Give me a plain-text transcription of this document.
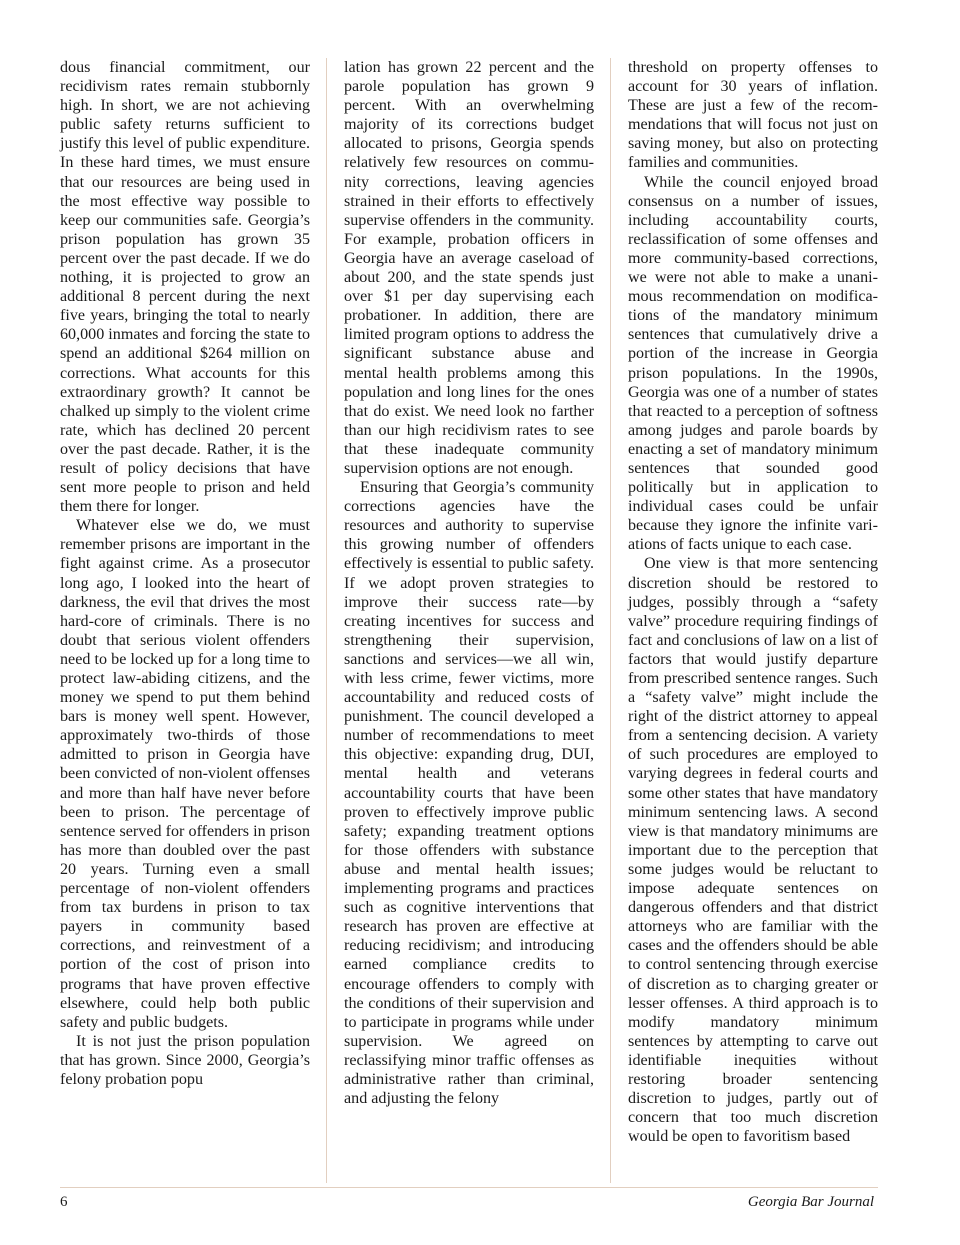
dous financial commitment, our recidivism rates remain stubbornly high. In short, we are not achieving public safety returns sufficient to justify this level of public expenditure. In these hard times, we must ensure that our resources are being used in the most effective way possible to keep our communities safe. Georgia’s prison population has grown 35 percent over the past decade. If we do nothing, it is projected to grow an additional 8 percent during the next five years, bringing the total to nearly 60,000 inmates and forcing the state to spend an additional $264 million on corrections. What accounts for this extraordinary growth? It cannot be chalked up simply to the violent crime rate, which has declined 20 percent over the past decade. Rather, it is the result of policy decisions that have sent more people to prison and held them there for longer.

Whatever else we do, we must remember prisons are important in the fight against crime. As a prosecutor long ago, I looked into the heart of darkness, the evil that drives the most hard-core of criminals. There is no doubt that serious violent offenders need to be locked up for a long time to protect law-abiding citizens, and the money we spend to put them behind bars is money well spent. However, approximately two-thirds of those admitted to prison in Georgia have been convicted of non-violent offenses and more than half have never before been to prison. The percentage of sentence served for offenders in prison has more than doubled over the past 20 years. Turning even a small percentage of non-violent offenders from tax burdens in prison to tax payers in community based corrections, and reinvestment of a portion of the cost of prison into programs that have proven effective elsewhere, could help both public safety and public budgets.

It is not just the prison population that has grown. Since 2000, Georgia’s felony probation popu

lation has grown 22 percent and the parole population has grown 9 percent. With an overwhelming majority of its corrections budget allocated to prisons, Georgia spends relatively few resources on community corrections, leaving agencies strained in their efforts to effectively supervise offenders in the community. For example, probation officers in Georgia have an average caseload of about 200, and the state spends just over $1 per day supervising each probationer. In addition, there are limited program options to address the significant substance abuse and mental health problems among this population and long lines for the ones that do exist. We need look no farther than our high recidivism rates to see that these inadequate community supervision options are not enough.

Ensuring that Georgia’s community corrections agencies have the resources and authority to supervise this growing number of offenders effectively is essential to public safety. If we adopt proven strategies to improve their success rate—by creating incentives for success and strengthening their supervision, sanctions and services—we all win, with less crime, fewer victims, more accountability and reduced costs of punishment. The council developed a number of recommendations to meet this objective: expanding drug, DUI, mental health and veterans accountability courts that have been proven to effectively improve public safety; expanding treatment options for those offenders with substance abuse and mental health issues; implementing programs and practices such as cognitive interventions that research has proven are effective at reducing recidivism; and introducing earned compliance credits to encourage offenders to comply with the conditions of their supervision and to participate in programs while under supervision. We agreed on reclassifying minor traffic offenses as administrative rather than criminal, and adjusting the felony

threshold on property offenses to account for 30 years of inflation. These are just a few of the recommendations that will focus not just on saving money, but also on protecting families and communities.

While the council enjoyed broad consensus on a number of issues, including accountability courts, reclassification of some offenses and more community-based corrections, we were not able to make a unanimous recommendation on modifications of the mandatory minimum sentences that cumulatively drive a portion of the increase in Georgia prison populations. In the 1990s, Georgia was one of a number of states that reacted to a perception of softness among judges and parole boards by enacting a set of mandatory minimum sentences that sounded good politically but in application to individual cases could be unfair because they ignore the infinite variations of facts unique to each case.

One view is that more sentencing discretion should be restored to judges, possibly through a “safety valve” procedure requiring findings of fact and conclusions of law on a list of factors that would justify departure from prescribed sentence ranges. Such a “safety valve” might include the right of the district attorney to appeal from a sentencing decision. A variety of such procedures are employed to varying degrees in federal courts and some other states that have mandatory minimum sentencing laws. A second view is that mandatory minimums are important due to the perception that some judges would be reluctant to impose adequate sentences on dangerous offenders and that district attorneys who are familiar with the cases and the offenders should be able to control sentencing through exercise of discretion as to charging greater or lesser offenses. A third approach is to modify mandatory minimum sentences by attempting to carve out identifiable inequities without restoring broader sentencing discretion to judges, partly out of concern that too much discretion would be open to favoritism based

6	Georgia Bar Journal
